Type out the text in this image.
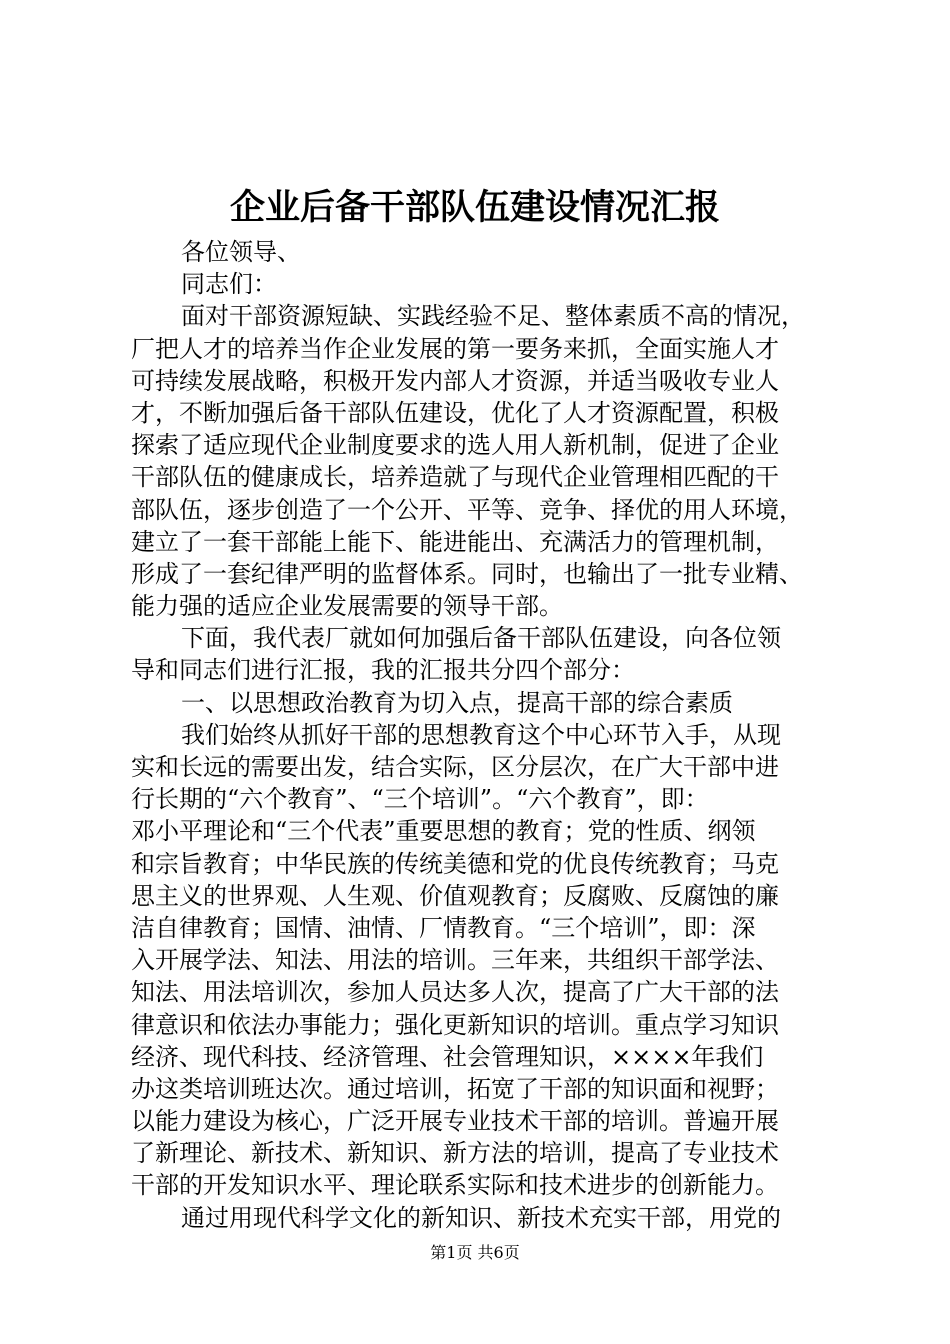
企业后备干部队伍建设情况汇报
各位领导、
同志们：
面对干部资源短缺、实践经验不足、整体素质不高的情况，
厂把人才的培养当作企业发展的第一要务来抓，全面实施人才
可持续发展战略，积极开发内部人才资源，并适当吸收专业人
才，不断加强后备干部队伍建设，优化了人才资源配置，积极
探索了适应现代企业制度要求的选人用人新机制，促进了企业
干部队伍的健康成长，培养造就了与现代企业管理相匹配的干
部队伍，逐步创造了一个公开、平等、竞争、择优的用人环境，
建立了一套干部能上能下、能进能出、充满活力的管理机制，
形成了一套纪律严明的监督体系。同时，也输出了一批专业精、
能力强的适应企业发展需要的领导干部。
下面，我代表厂就如何加强后备干部队伍建设，向各位领
导和同志们进行汇报，我的汇报共分四个部分：
一、以思想政治教育为切入点，提高干部的综合素质
我们始终从抓好干部的思想教育这个中心环节入手，从现
实和长远的需要出发，结合实际，区分层次，在广大干部中进
行长期的“六个教育”、“三个培训”。“六个教育”，即：
邓小平理论和“三个代表”重要思想的教育；党的性质、纲领
和宗旨教育；中华民族的传统美德和党的优良传统教育；马克
思主义的世界观、人生观、价值观教育；反腐败、反腐蚀的廉
洁自律教育；国情、油情、厂情教育。“三个培训”，即：深
入开展学法、知法、用法的培训。三年来，共组织干部学法、
知法、用法培训次，参加人员达多人次，提高了广大干部的法
律意识和依法办事能力；强化更新知识的培训。重点学习知识
经济、现代科技、经济管理、社会管理知识，××××年我们
办这类培训班达次。通过培训，拓宽了干部的知识面和视野；
以能力建设为核心，广泛开展专业技术干部的培训。普遍开展
了新理论、新技术、新知识、新方法的培训，提高了专业技术
干部的开发知识水平、理论联系实际和技术进步的创新能力。
通过用现代科学文化的新知识、新技术充实干部，用党的
第1页 共6页
